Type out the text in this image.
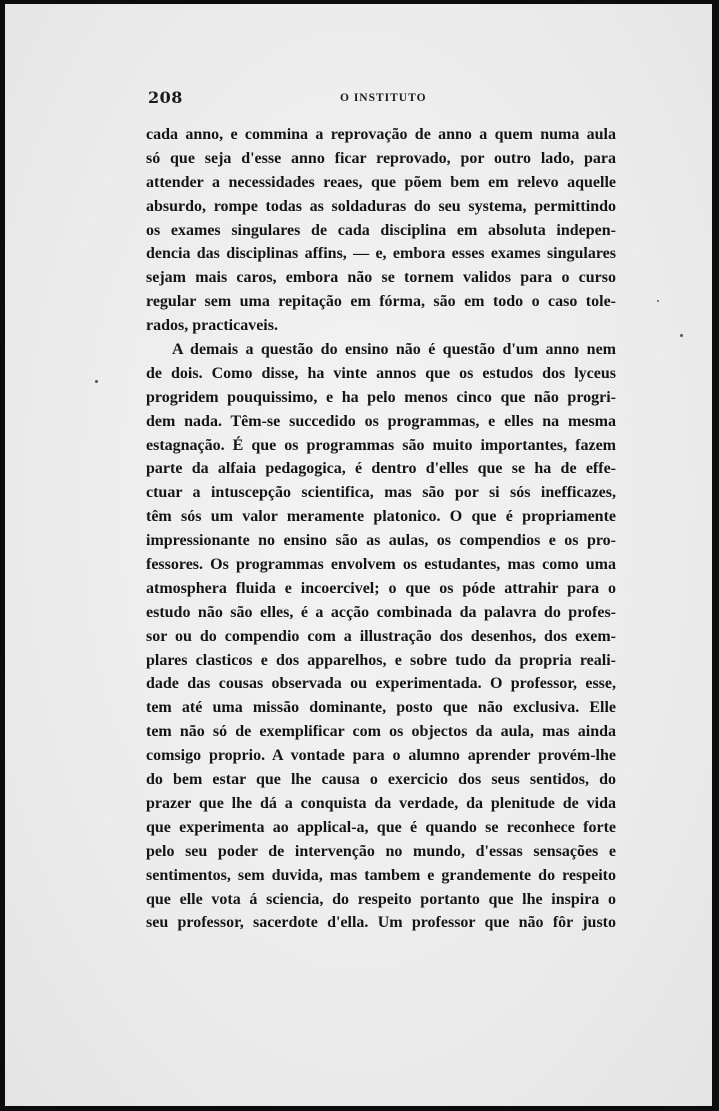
208	O INSTITUTO
cada anno, e commina a reprovação de anno a quem numa aula
só que seja d'esse anno ficar reprovado, por outro lado, para
attender a necessidades reaes, que põem bem em relevo aquelle
absurdo, rompe todas as soldaduras do seu systema, permittindo
os exames singulares de cada disciplina em absoluta indepen-
dencia das disciplinas affins, — e, embora esses exames singulares
sejam mais caros, embora não se tornem validos para o curso
regular sem uma repitação em fórma, são em todo o caso tole-
rados, practicaveis.
A demais a questão do ensino não é questão d'um anno nem
de dois. Como disse, ha vinte annos que os estudos dos lyceus
progridem pouquissimo, e ha pelo menos cinco que não progri-
dem nada. Têm-se succedido os programmas, e elles na mesma
estagnação. É que os programmas são muito importantes, fazem
parte da alfaia pedagogica, é dentro d'elles que se ha de effe-
ctuar a intuscepção scientifica, mas são por si sós inefficazes,
têm sós um valor meramente platonico. O que é propriamente
impressionante no ensino são as aulas, os compendios e os pro-
fessores. Os programmas envolvem os estudantes, mas como uma
atmosphera fluida e incoercivel; o que os póde attrahir para o
estudo não são elles, é a acção combinada da palavra do profes-
sor ou do compendio com a illustração dos desenhos, dos exem-
plares clasticos e dos apparelhos, e sobre tudo da propria reali-
dade das cousas observada ou experimentada. O professor, esse,
tem até uma missão dominante, posto que não exclusiva. Elle
tem não só de exemplificar com os objectos da aula, mas ainda
comsigo proprio. A vontade para o alumno aprender provém-lhe
do bem estar que lhe causa o exercicio dos seus sentidos, do
prazer que lhe dá a conquista da verdade, da plenitude de vida
que experimenta ao applical-a, que é quando se reconhece forte
pelo seu poder de intervenção no mundo, d'essas sensações e
sentimentos, sem duvida, mas tambem e grandemente do respeito
que elle vota á sciencia, do respeito portanto que lhe inspira o
seu professor, sacerdote d'ella. Um professor que não fôr justo
